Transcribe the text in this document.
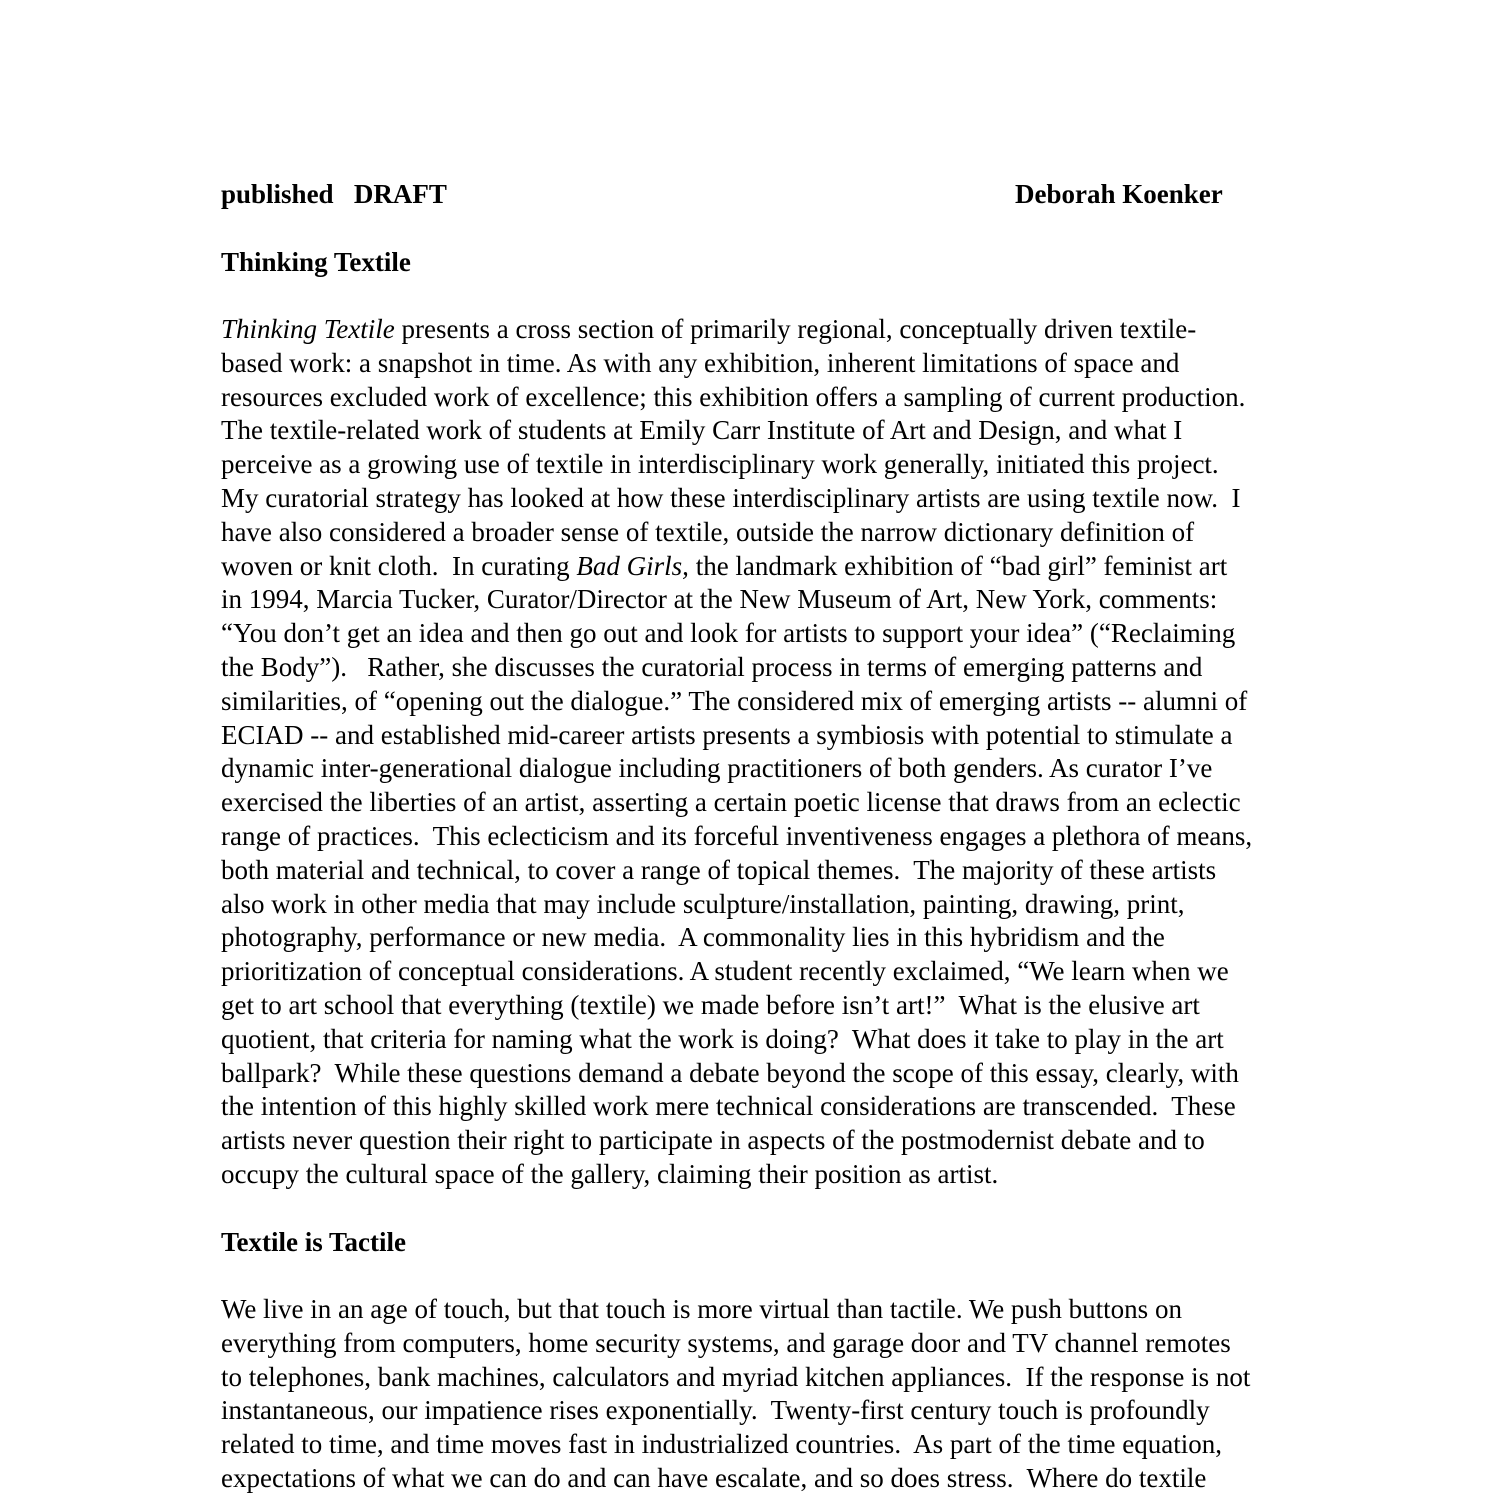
published   DRAFT	Deborah Koenker
Thinking Textile
Thinking Textile presents a cross section of primarily regional, conceptually driven textile-
based work: a snapshot in time. As with any exhibition, inherent limitations of space and
resources excluded work of excellence; this exhibition offers a sampling of current production.
The textile-related work of students at Emily Carr Institute of Art and Design, and what I
perceive as a growing use of textile in interdisciplinary work generally, initiated this project.
My curatorial strategy has looked at how these interdisciplinary artists are using textile now.  I
have also considered a broader sense of textile, outside the narrow dictionary definition of
woven or knit cloth.  In curating Bad Girls, the landmark exhibition of “bad girl” feminist art
in 1994, Marcia Tucker, Curator/Director at the New Museum of Art, New York, comments:
“You don’t get an idea and then go out and look for artists to support your idea” (“Reclaiming
the Body”).   Rather, she discusses the curatorial process in terms of emerging patterns and
similarities, of “opening out the dialogue.” The considered mix of emerging artists -- alumni of
ECIAD -- and established mid-career artists presents a symbiosis with potential to stimulate a
dynamic inter-generational dialogue including practitioners of both genders. As curator I’ve
exercised the liberties of an artist, asserting a certain poetic license that draws from an eclectic
range of practices.  This eclecticism and its forceful inventiveness engages a plethora of means,
both material and technical, to cover a range of topical themes.  The majority of these artists
also work in other media that may include sculpture/installation, painting, drawing, print,
photography, performance or new media.  A commonality lies in this hybridism and the
prioritization of conceptual considerations. A student recently exclaimed, “We learn when we
get to art school that everything (textile) we made before isn’t art!”  What is the elusive art
quotient, that criteria for naming what the work is doing?  What does it take to play in the art
ballpark?  While these questions demand a debate beyond the scope of this essay, clearly, with
the intention of this highly skilled work mere technical considerations are transcended.  These
artists never question their right to participate in aspects of the postmodernist debate and to
occupy the cultural space of the gallery, claiming their position as artist.
Textile is Tactile
We live in an age of touch, but that touch is more virtual than tactile. We push buttons on
everything from computers, home security systems, and garage door and TV channel remotes
to telephones, bank machines, calculators and myriad kitchen appliances.  If the response is not
instantaneous, our impatience rises exponentially.  Twenty-first century touch is profoundly
related to time, and time moves fast in industrialized countries.  As part of the time equation,
expectations of what we can do and can have escalate, and so does stress.  Where do textile
